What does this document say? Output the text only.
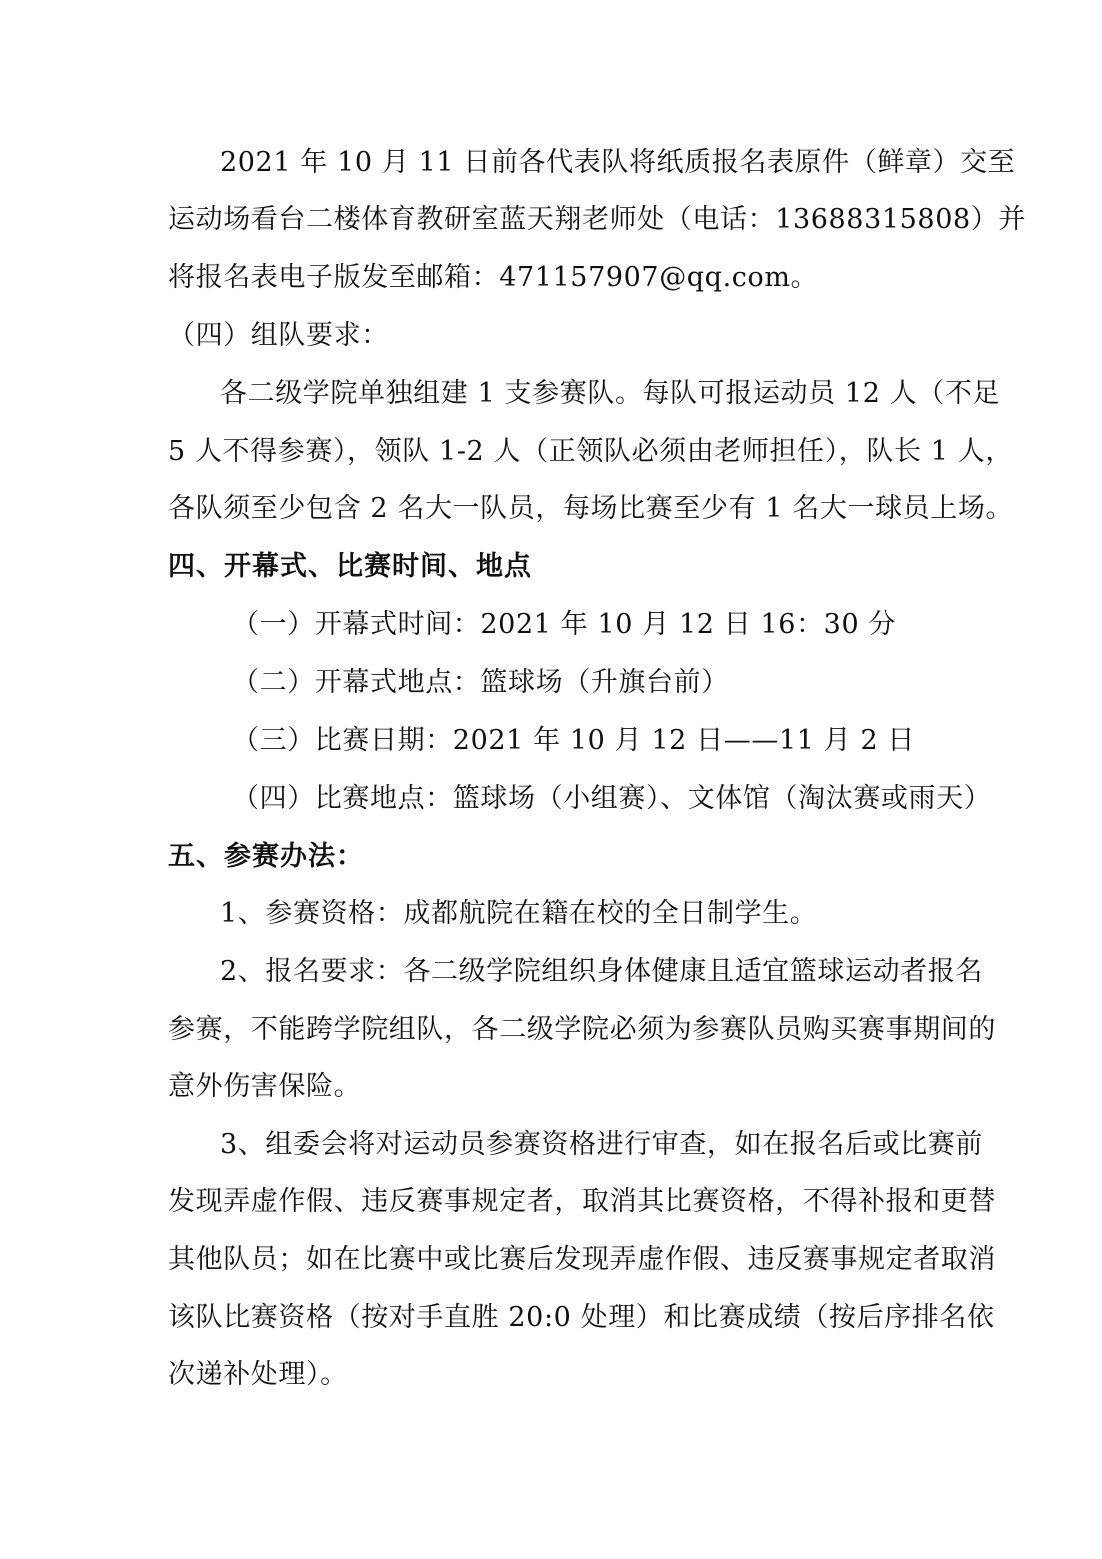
2021 年 10 月 11 日前各代表队将纸质报名表原件（鲜章）交至
运动场看台二楼体育教研室蓝天翔老师处（电话：13688315808）并
将报名表电子版发至邮箱：471157907@qq.com。
（四）组队要求：
各二级学院单独组建 1 支参赛队。每队可报运动员 12 人（不足
5 人不得参赛），领队 1-2 人（正领队必须由老师担任），队长 1 人，
各队须至少包含 2 名大一队员，每场比赛至少有 1 名大一球员上场。
四、开幕式、比赛时间、地点
（一）开幕式时间：2021 年 10 月 12 日 16：30 分
（二）开幕式地点：篮球场（升旗台前）
（三）比赛日期：2021 年 10 月 12 日——11 月 2 日
（四）比赛地点：篮球场（小组赛）、文体馆（淘汰赛或雨天）
五、参赛办法：
1、参赛资格：成都航院在籍在校的全日制学生。
2、报名要求：各二级学院组织身体健康且适宜篮球运动者报名
参赛，不能跨学院组队，各二级学院必须为参赛队员购买赛事期间的
意外伤害保险。
3、组委会将对运动员参赛资格进行审查，如在报名后或比赛前
发现弄虚作假、违反赛事规定者，取消其比赛资格，不得补报和更替
其他队员；如在比赛中或比赛后发现弄虚作假、违反赛事规定者取消
该队比赛资格（按对手直胜 20:0 处理）和比赛成绩（按后序排名依
次递补处理）。
